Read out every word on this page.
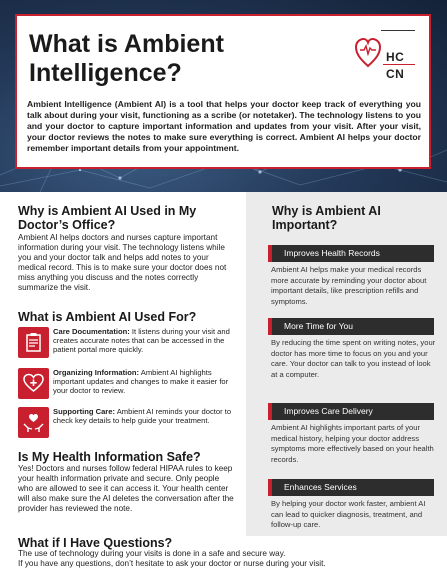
What is Ambient
Intelligence?
HC
CN
Ambient Intelligence (Ambient AI) is a tool that helps your doctor keep track of everything you talk about during your visit, functioning as a scribe (or notetaker). The technology listens to you and your doctor to capture important information and updates from your visit. After your visit, your doctor reviews the notes to make sure everything is correct. Ambient AI helps your doctor remember important details from your appointment.
Why is Ambient AI Used in My Doctor’s Office?

Ambient AI helps doctors and nurses capture important information during your visit. The technology listens while you and your doctor talk and helps add notes to your medical record. This is to make sure your doctor does not miss anything you discuss and the notes correctly summarize the visit.

What is Ambient AI Used For?
Care Documentation: It listens during your visit and creates accurate notes that can be accessed in the patient portal more quickly.
Organizing Information: Ambient AI highlights important updates and changes to make it easier for your doctor to review.
Supporting Care: Ambient AI reminds your doctor to check key details to help guide your treatment.
Is My Health Information Safe?

Yes! Doctors and nurses follow federal HIPAA rules to keep your health information private and secure. Only people who are allowed to see it can access it. Your health center will also make sure the AI deletes the conversation after the provider has reviewed the note.

What if I Have Questions?

The use of technology during your visits is done in a safe and secure way.

If you have any questions, don’t hesitate to ask your doctor or nurse during your visit.

Why is Ambient AI Important?
Improves Health Records
Ambient AI helps make your medical records more accurate by reminding your doctor about important details, like prescription refills and symptoms.
More Time for You
By reducing the time spent on writing notes, your doctor has more time to focus on you and your care. Your doctor can talk to you instead of look at a computer.
Improves Care Delivery
Ambient AI highlights important parts of your medical history, helping your doctor address symptoms more effectively based on your health records.
Enhances Services
By helping your doctor work faster, ambient AI can lead to quicker diagnosis, treatment, and follow-up care.
